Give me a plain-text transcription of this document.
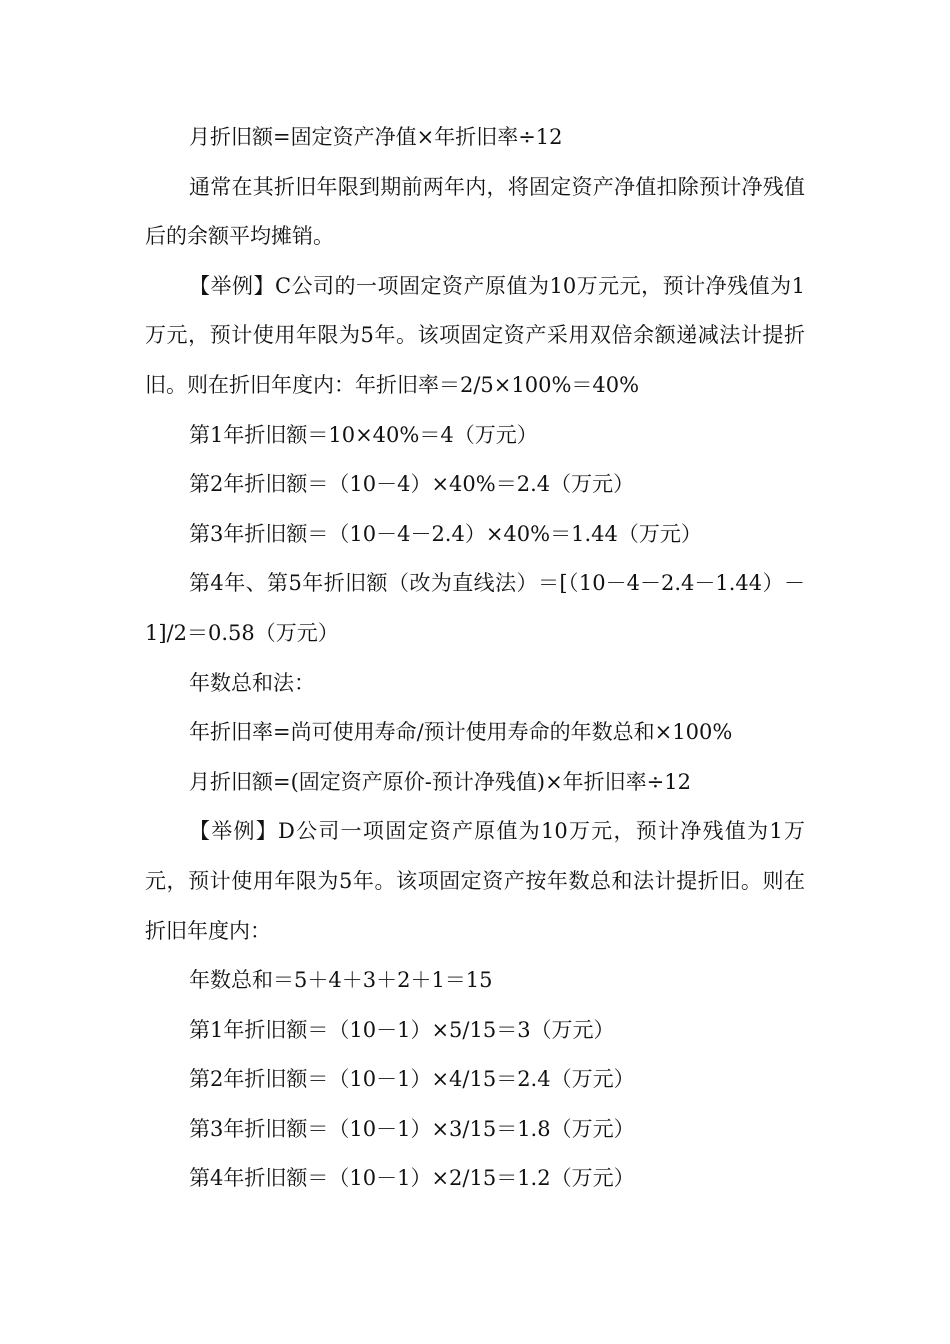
月折旧额=固定资产净值×年折旧率÷12

通常在其折旧年限到期前两年内，将固定资产净值扣除预计净残值后的余额平均摊销。

【举例】C公司的一项固定资产原值为10万元元，预计净残值为1万元，预计使用年限为5年。该项固定资产采用双倍余额递减法计提折旧。则在折旧年度内：年折旧率＝2/5×100%＝40%

第1年折旧额＝10×40%＝4（万元）

第2年折旧额＝（10－4）×40%＝2.4（万元）

第3年折旧额＝（10－4－2.4）×40%＝1.44（万元）

第4年、第5年折旧额（改为直线法）＝[（10－4－2.4－1.44）－1]/2＝0.58（万元）

年数总和法：

年折旧率=尚可使用寿命/预计使用寿命的年数总和×100%

月折旧额=(固定资产原价-预计净残值)×年折旧率÷12

【举例】D公司一项固定资产原值为10万元，预计净残值为1万元，预计使用年限为5年。该项固定资产按年数总和法计提折旧。则在折旧年度内：

年数总和＝5＋4＋3＋2＋1＝15

第1年折旧额＝（10－1）×5/15＝3（万元）

第2年折旧额＝（10－1）×4/15＝2.4（万元）

第3年折旧额＝（10－1）×3/15＝1.8（万元）

第4年折旧额＝（10－1）×2/15＝1.2（万元）
